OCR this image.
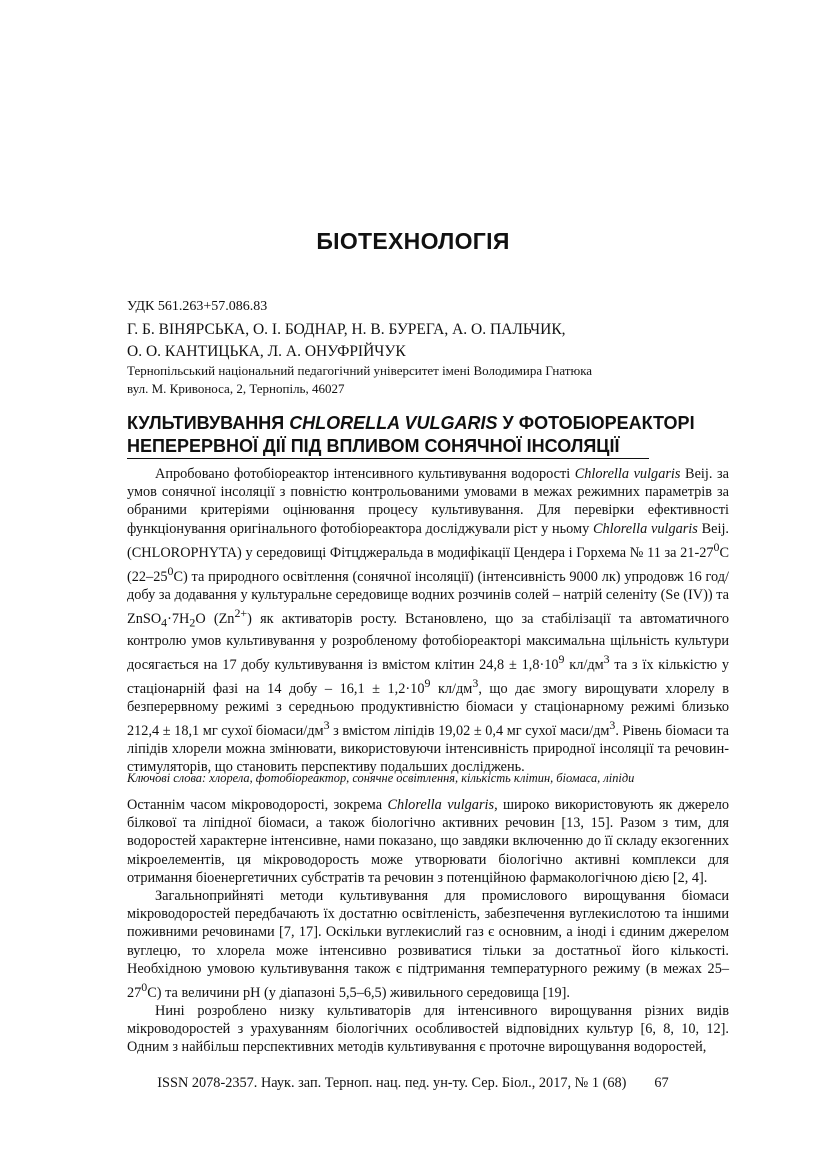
БІОТЕХНОЛОГІЯ
УДК 561.263+57.086.83
Г. Б. ВІНЯРСЬКА, О. І. БОДНАР, Н. В. БУРЕГА, А. О. ПАЛЬЧИК,
О. О. КАНТИЦЬКА, Л. А. ОНУФРІЙЧУК
Тернопільський національний педагогічний університет імені Володимира Гнатюка
вул. М. Кривоноса, 2, Тернопіль, 46027
КУЛЬТИВУВАННЯ CHLORELLA VULGARIS У ФОТОБІОРЕАКТОРІ
НЕПЕРЕРВНОЇ ДІЇ ПІД ВПЛИВОМ СОНЯЧНОЇ ІНСОЛЯЦІЇ
Апробовано фотобіореактор інтенсивного культивування водорості Chlorella vulgaris Beij. за умов сонячної інсоляції з повністю контрольованими умовами в межах режимних параметрів за обраними критеріями оцінювання процесу культивування. Для перевірки ефективності функціонування оригінального фотобіореактора досліджували ріст у ньому Chlorella vulgaris Beij. (CHLOROPHYTA) у середовищі Фітцджеральда в модифікації Цендера і Горхема № 11 за $21-27^0С$ $(22-25^0С)$ та природного освітлення (сонячної інсоляції) (інтенсивність 9000 лк) упродовж 16 год/добу за додавання у культуральне середовище водних розчинів солей – натрій селеніту (Se (IV)) та $ZnSO_4\cdot 7H_2O$ $(Zn^{2+})$ як активаторів росту. Встановлено, що за стабілізації та автоматичного контролю умов культивування у розробленому фотобіореакторі максимальна щільність культури досягається на 17 добу культивування із вмістом клітин $24,8 \pm 1,8\cdot 10^9$ $кл/дм^3$ та з їх кількістю у стаціонарній фазі на 14 добу – $16,1 \pm 1,2\cdot 10^9$ $кл/дм^3$, що дає змогу вирощувати хлорелу в безперервному режимі з середньою продуктивністю біомаси у стаціонарному режимі близько 212,4 ± 18,1 мг сухої біомаси/$дм^3$ з вмістом ліпідів 19,02 ± 0,4 мг сухої маси/$дм^3$. Рівень біомаси та ліпідів хлорели можна змінювати, використовуючи інтенсивність природної інсоляції та речовин-стимуляторів, що становить перспективу подальших досліджень.
Ключові слова: хлорела, фотобіореактор, сонячне освітлення, кількість клітин, біомаса, ліпіди

Останнім часом мікроводорості, зокрема Chlorella vulgaris, широко використовують як джерело білкової та ліпідної біомаси, а також біологічно активних речовин [13, 15]. Разом з тим, для водоростей характерне інтенсивне, нами показано, що завдяки включенню до її складу екзогенних мікроелементів, ця мікроводорость може утворювати біологічно активні комплекси для отримання біоенергетичних субстратів та речовин з потенційною фармакологічною дією [2, 4].

Загальноприйняті методи культивування для промислового вирощування біомаси мікроводоростей передбачають їх достатню освітленість, забезпечення вуглекислотою та іншими поживними речовинами [7, 17]. Оскільки вуглекислий газ є основним, а іноді і єдиним джерелом вуглецю, то хлорела може інтенсивно розвиватися тільки за достатньої його кількості. Необхідною умовою культивування також є підтримання температурного режиму (в межах $25-27^0С$) та величини рН (у діапазоні 5,5–6,5) живильного середовища [19].

Нині розроблено низку культиваторів для інтенсивного вирощування різних видів мікроводоростей з урахуванням біологічних особливостей відповідних культур [6, 8, 10, 12]. Одним з найбільш перспективних методів культивування є проточне вирощування водоростей,

ISSN 2078-2357. Наук. зап. Терноп. нац. пед. ун-ту. Сер. Біол., 2017, № 1 (68) 67
